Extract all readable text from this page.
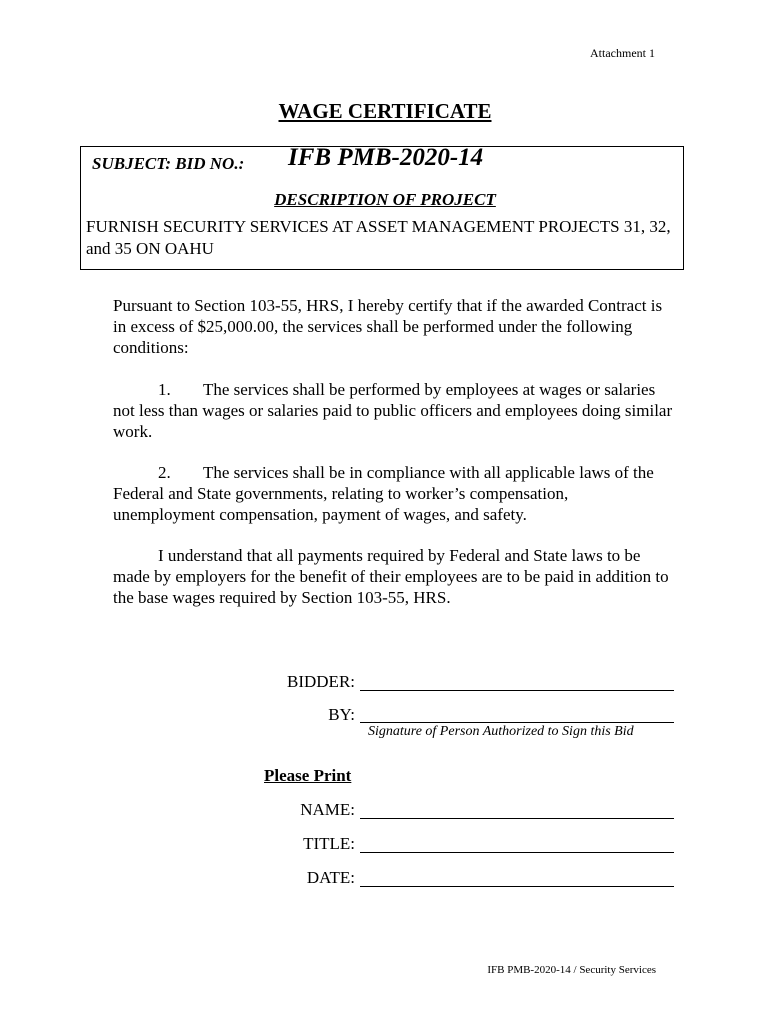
Attachment 1
WAGE CERTIFICATE
SUBJECT: BID NO.: IFB PMB-2020-14
DESCRIPTION OF PROJECT
FURNISH SECURITY SERVICES AT ASSET MANAGEMENT PROJECTS 31, 32, and 35 ON OAHU
Pursuant to Section 103-55, HRS, I hereby certify that if the awarded Contract is in excess of $25,000.00, the services shall be performed under the following conditions:
1. The services shall be performed by employees at wages or salaries not less than wages or salaries paid to public officers and employees doing similar work.
2. The services shall be in compliance with all applicable laws of the Federal and State governments, relating to worker’s compensation, unemployment compensation, payment of wages, and safety.
I understand that all payments required by Federal and State laws to be made by employers for the benefit of their employees are to be paid in addition to the base wages required by Section 103-55, HRS.
BIDDER:
BY:
Signature of Person Authorized to Sign this Bid
Please Print
NAME:
TITLE:
DATE:
IFB PMB-2020-14 / Security Services
